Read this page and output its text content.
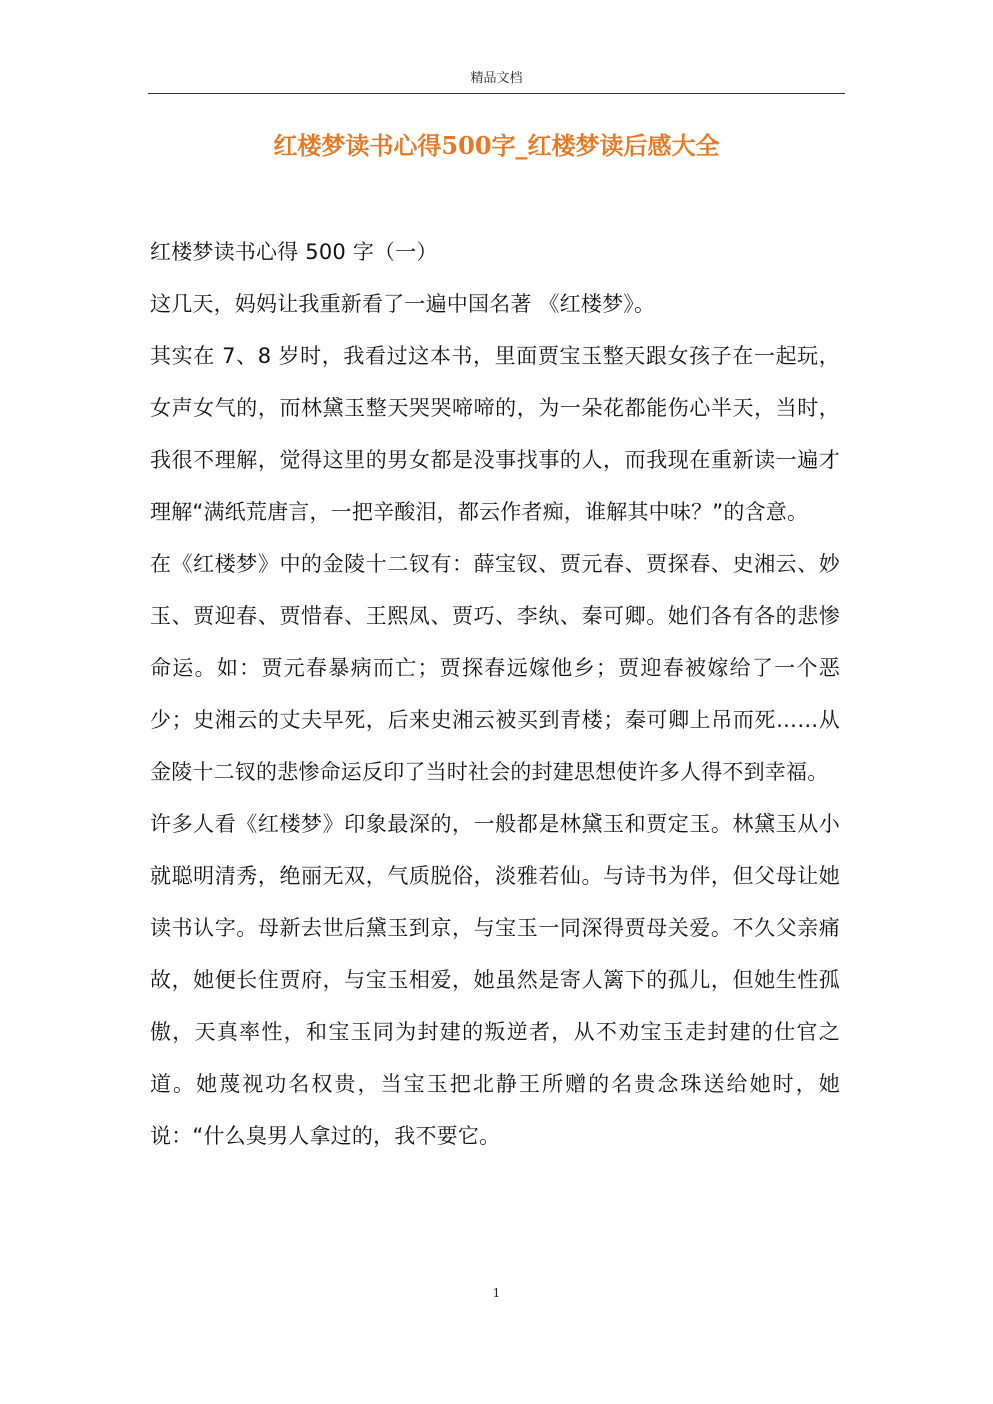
精品文档
红楼梦读书心得500字_红楼梦读后感大全

红楼梦读书心得 500 字（一）

这几天，妈妈让我重新看了一遍中国名著 《红楼梦》。

其实在 7、8 岁时，我看过这本书，里面贾宝玉整天跟女孩子在一起玩，女声女气的，而林黛玉整天哭哭啼啼的，为一朵花都能伤心半天，当时，我很不理解，觉得这里的男女都是没事找事的人，而我现在重新读一遍才理解“满纸荒唐言，一把辛酸泪，都云作者痴，谁解其中味？”的含意。

在《红楼梦》中的金陵十二钗有：薛宝钗、贾元春、贾探春、史湘云、妙玉、贾迎春、贾惜春、王熙凤、贾巧、李纨、秦可卿。她们各有各的悲惨命运。如：贾元春暴病而亡；贾探春远嫁他乡；贾迎春被嫁给了一个恶少；史湘云的丈夫早死，后来史湘云被买到青楼；秦可卿上吊而死……从金陵十二钗的悲惨命运反印了当时社会的封建思想使许多人得不到幸福。

许多人看《红楼梦》印象最深的，一般都是林黛玉和贾定玉。林黛玉从小就聪明清秀，绝丽无双，气质脱俗，淡雅若仙。与诗书为伴，但父母让她读书认字。母新去世后黛玉到京，与宝玉一同深得贾母关爱。不久父亲痛故，她便长住贾府，与宝玉相爱，她虽然是寄人篱下的孤儿，但她生性孤傲，天真率性，和宝玉同为封建的叛逆者，从不劝宝玉走封建的仕官之道。她蔑视功名权贵，当宝玉把北静王所赠的名贵念珠送给她时，她说：“什么臭男人拿过的，我不要它。

1
